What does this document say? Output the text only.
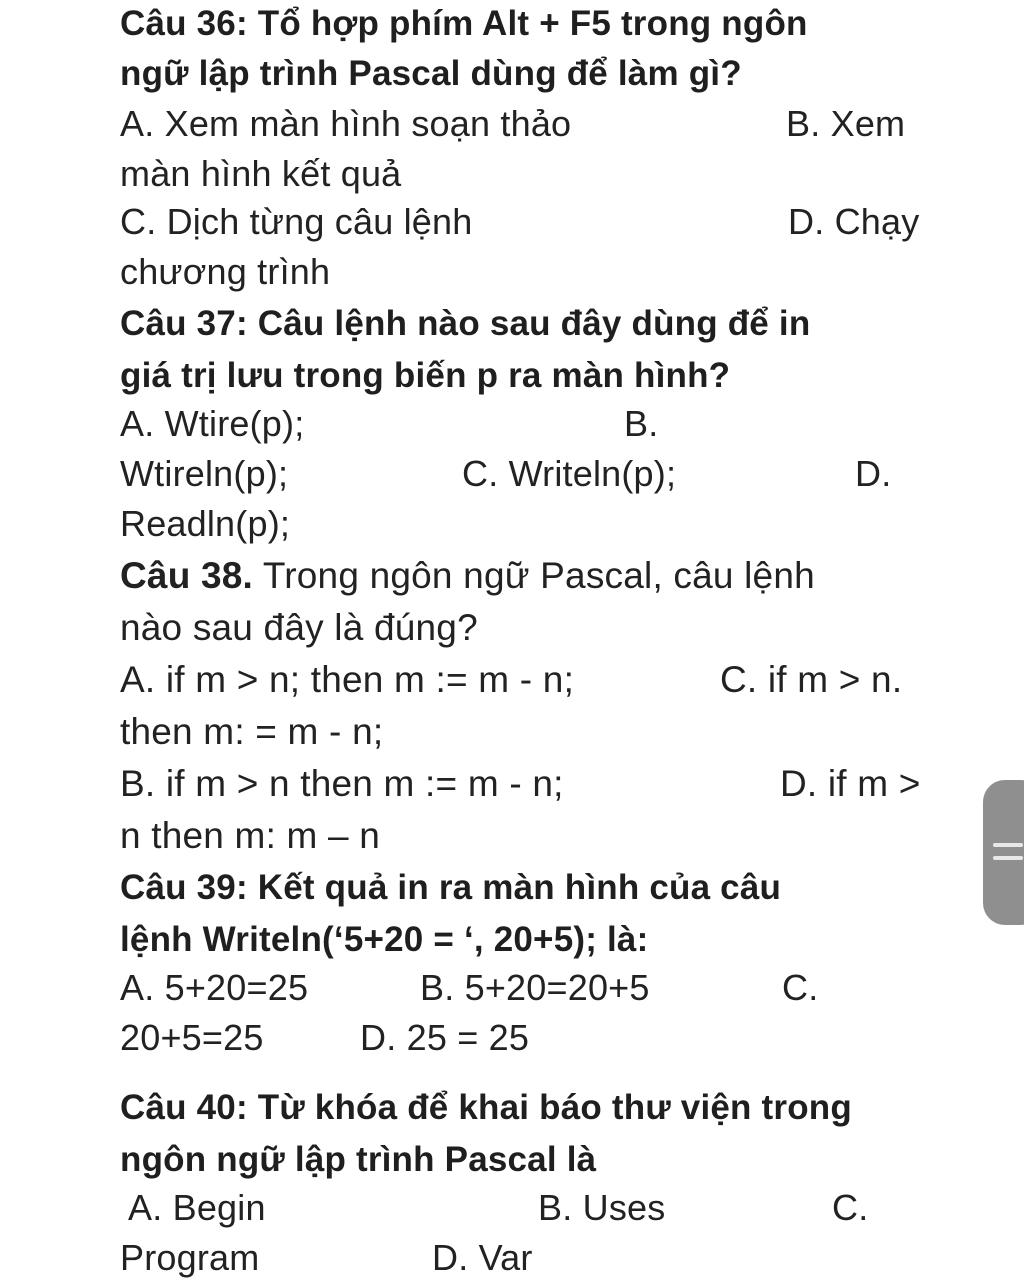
Câu 36: Tổ hợp phím Alt + F5 trong ngôn
ngữ lập trình Pascal dùng để làm gì?
A. Xem màn hình soạn thảo	B. Xem
màn hình kết quả
C. Dịch từng câu lệnh	D. Chạy
chương trình
Câu 37: Câu lệnh nào sau đây dùng để in
giá trị lưu trong biến p ra màn hình?
A. Wtire(p);	B.
Wtireln(p);	C. Writeln(p);	D.
Readln(p);
Câu 38. Trong ngôn ngữ Pascal, câu lệnh
nào sau đây là đúng?
A. if m > n; then m := m - n;	C. if m > n.
then m: = m - n;
B. if m > n then m := m - n;	D. if m >
n then m: m – n
Câu 39: Kết quả in ra màn hình của câu
lệnh Writeln(‘5+20 = ‘, 20+5); là:
A. 5+20=25	B. 5+20=20+5	C.
20+5=25	D. 25 = 25
Câu 40: Từ khóa để khai báo thư viện trong
ngôn ngữ lập trình Pascal là
A. Begin	B. Uses	C.
Program	D. Var
